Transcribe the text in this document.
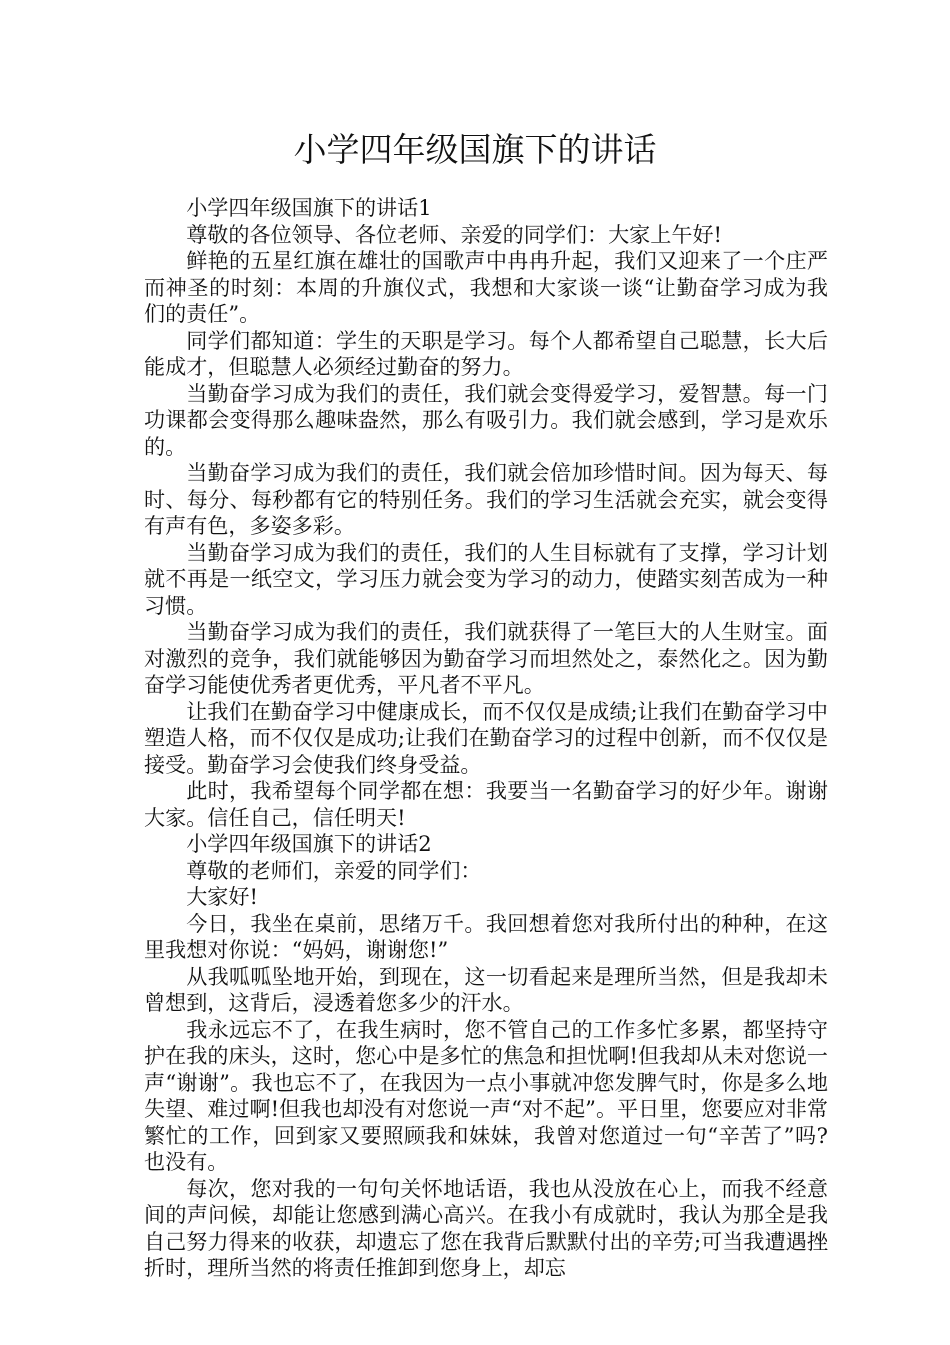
小学四年级国旗下的讲话

小学四年级国旗下的讲话1

尊敬的各位领导、各位老师、亲爱的同学们：大家上午好!

鲜艳的五星红旗在雄壮的国歌声中冉冉升起，我们又迎来了一个庄严而神圣的时刻：本周的升旗仪式，我想和大家谈一谈“让勤奋学习成为我们的责任”。

同学们都知道：学生的天职是学习。每个人都希望自己聪慧，长大后能成才，但聪慧人必须经过勤奋的努力。

当勤奋学习成为我们的责任，我们就会变得爱学习，爱智慧。每一门功课都会变得那么趣味盎然，那么有吸引力。我们就会感到，学习是欢乐的。

当勤奋学习成为我们的责任，我们就会倍加珍惜时间。因为每天、每时、每分、每秒都有它的特别任务。我们的学习生活就会充实，就会变得有声有色，多姿多彩。

当勤奋学习成为我们的责任，我们的人生目标就有了支撑，学习计划就不再是一纸空文，学习压力就会变为学习的动力，使踏实刻苦成为一种习惯。

当勤奋学习成为我们的责任，我们就获得了一笔巨大的人生财宝。面对激烈的竞争，我们就能够因为勤奋学习而坦然处之，泰然化之。因为勤奋学习能使优秀者更优秀，平凡者不平凡。

让我们在勤奋学习中健康成长，而不仅仅是成绩;让我们在勤奋学习中塑造人格，而不仅仅是成功;让我们在勤奋学习的过程中创新，而不仅仅是接受。勤奋学习会使我们终身受益。

此时，我希望每个同学都在想：我要当一名勤奋学习的好少年。谢谢大家。信任自己，信任明天!

小学四年级国旗下的讲话2

尊敬的老师们，亲爱的同学们：

大家好!

今日，我坐在桌前，思绪万千。我回想着您对我所付出的种种，在这里我想对你说：“妈妈，谢谢您!”

从我呱呱坠地开始，到现在，这一切看起来是理所当然，但是我却未曾想到，这背后，浸透着您多少的汗水。

我永远忘不了，在我生病时，您不管自己的工作多忙多累，都坚持守护在我的床头，这时，您心中是多忙的焦急和担忧啊!但我却从未对您说一声“谢谢”。我也忘不了，在我因为一点小事就冲您发脾气时，你是多么地失望、难过啊!但我也却没有对您说一声“对不起”。平日里，您要应对非常繁忙的工作，回到家又要照顾我和妹妹，我曾对您道过一句“辛苦了”吗?也没有。

每次，您对我的一句句关怀地话语，我也从没放在心上，而我不经意间的声问候，却能让您感到满心高兴。在我小有成就时，我认为那全是我自己努力得来的收获，却遗忘了您在我背后默默付出的辛劳;可当我遭遇挫折时，理所当然的将责任推卸到您身上，却忘
